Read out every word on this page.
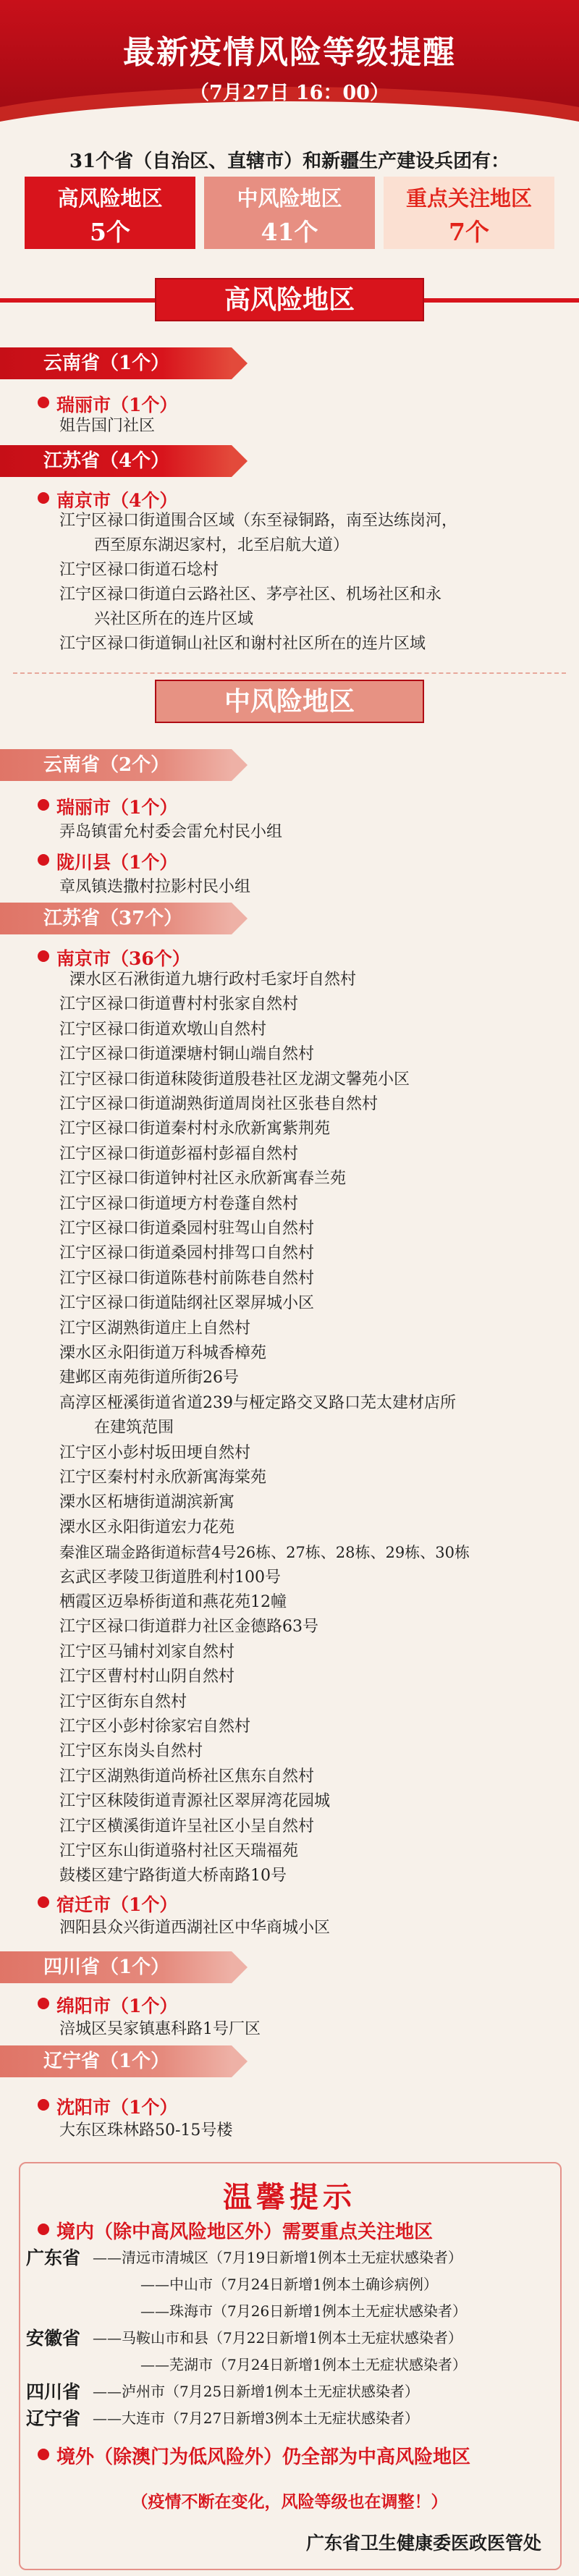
最新疫情风险等级提醒
（7月27日 16：00）
31个省（自治区、直辖市）和新疆生产建设兵团有：
高风险地区
5个
中风险地区
41个
重点关注地区
7个
高风险地区
云南省（1个）
瑞丽市（1个）
姐告国门社区
江苏省（4个）
南京市（4个）
江宁区禄口街道围合区域（东至禄铜路，南至达练岗河，
西至原东湖迟家村，北至启航大道）
江宁区禄口街道石埝村
江宁区禄口街道白云路社区、茅亭社区、机场社区和永
兴社区所在的连片区域
江宁区禄口街道铜山社区和谢村社区所在的连片区域
中风险地区
云南省（2个）
瑞丽市（1个）
弄岛镇雷允村委会雷允村民小组
陇川县（1个）
章凤镇迭撒村拉影村民小组
江苏省（37个）
南京市（36个）
溧水区石湫街道九塘行政村毛家圩自然村
江宁区禄口街道曹村村张家自然村
江宁区禄口街道欢墩山自然村
江宁区禄口街道溧塘村铜山端自然村
江宁区禄口街道秣陵街道殷巷社区龙湖文馨苑小区
江宁区禄口街道湖熟街道周岗社区张巷自然村
江宁区禄口街道秦村村永欣新寓紫荆苑
江宁区禄口街道彭福村彭福自然村
江宁区禄口街道钟村社区永欣新寓春兰苑
江宁区禄口街道埂方村卷蓬自然村
江宁区禄口街道桑园村驻驾山自然村
江宁区禄口街道桑园村排驾口自然村
江宁区禄口街道陈巷村前陈巷自然村
江宁区禄口街道陆纲社区翠屏城小区
江宁区湖熟街道庄上自然村
溧水区永阳街道万科城香樟苑
建邺区南苑街道所街26号
高淳区桠溪街道省道239与桠定路交叉路口芜太建材店所
在建筑范围
江宁区小彭村坂田埂自然村
江宁区秦村村永欣新寓海棠苑
溧水区柘塘街道湖滨新寓
溧水区永阳街道宏力花苑
秦淮区瑞金路街道标营4号26栋、27栋、28栋、29栋、30栋
玄武区孝陵卫街道胜利村100号
栖霞区迈皋桥街道和燕花苑12幢
江宁区禄口街道群力社区金德路63号
江宁区马铺村刘家自然村
江宁区曹村村山阴自然村
江宁区街东自然村
江宁区小彭村徐家宕自然村
江宁区东岗头自然村
江宁区湖熟街道尚桥社区焦东自然村
江宁区秣陵街道青源社区翠屏湾花园城
江宁区横溪街道许呈社区小呈自然村
江宁区东山街道骆村社区天瑞福苑
鼓楼区建宁路街道大桥南路10号
宿迁市（1个）
泗阳县众兴街道西湖社区中华商城小区
四川省（1个）
绵阳市（1个）
涪城区吴家镇惠科路1号厂区
辽宁省（1个）
温馨提示
境内（除中高风险地区外）需要重点关注地区
广东省 ——清远市清城区（7月19日新增1例本土无症状感染者）
——中山市（7月24日新增1例本土确诊病例）
——珠海市（7月26日新增1例本土无症状感染者）
安徽省 ——马鞍山市和县（7月22日新增1例本土无症状感染者）
——芜湖市（7月24日新增1例本土无症状感染者）
四川省 ——泸州市（7月25日新增1例本土无症状感染者）
辽宁省 ——大连市（7月27日新增3例本土无症状感染者）
境外（除澳门为低风险外）仍全部为中高风险地区
（疫情不断在变化，风险等级也在调整！）
广东省卫生健康委医政医管处
沈阳市（1个）
大东区珠林路50-15号楼
